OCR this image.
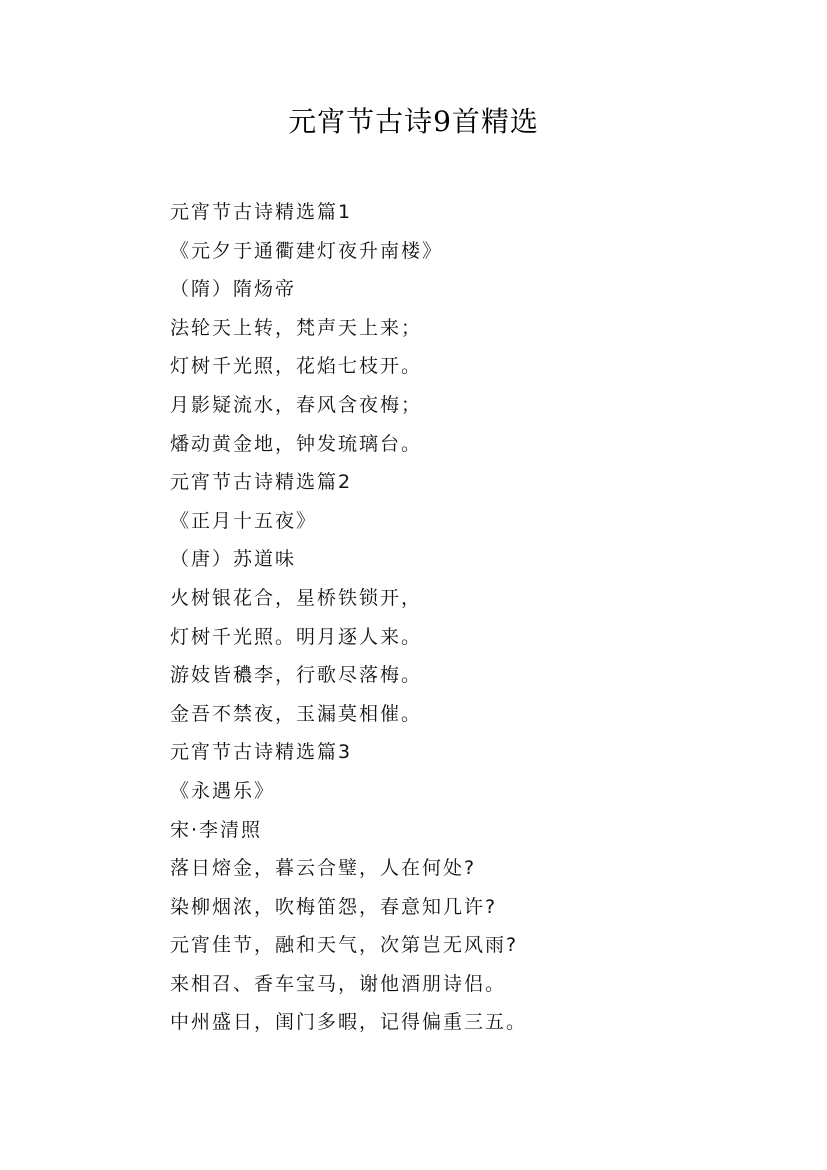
元宵节古诗9首精选
元宵节古诗精选篇1
《元夕于通衢建灯夜升南楼》
（隋）隋炀帝
法轮天上转，梵声天上来；
灯树千光照，花焰七枝开。
月影疑流水，春风含夜梅；
燔动黄金地，钟发琉璃台。
元宵节古诗精选篇2
《正月十五夜》
（唐）苏道味
火树银花合，星桥铁锁开，
灯树千光照。明月逐人来。
游妓皆穠李，行歌尽落梅。
金吾不禁夜，玉漏莫相催。
元宵节古诗精选篇3
《永遇乐》
宋·李清照
落日熔金，暮云合璧，人在何处?
染柳烟浓，吹梅笛怨，春意知几许?
元宵佳节，融和天气，次第岂无风雨?
来相召、香车宝马，谢他酒朋诗侣。
中州盛日，闺门多暇，记得偏重三五。
